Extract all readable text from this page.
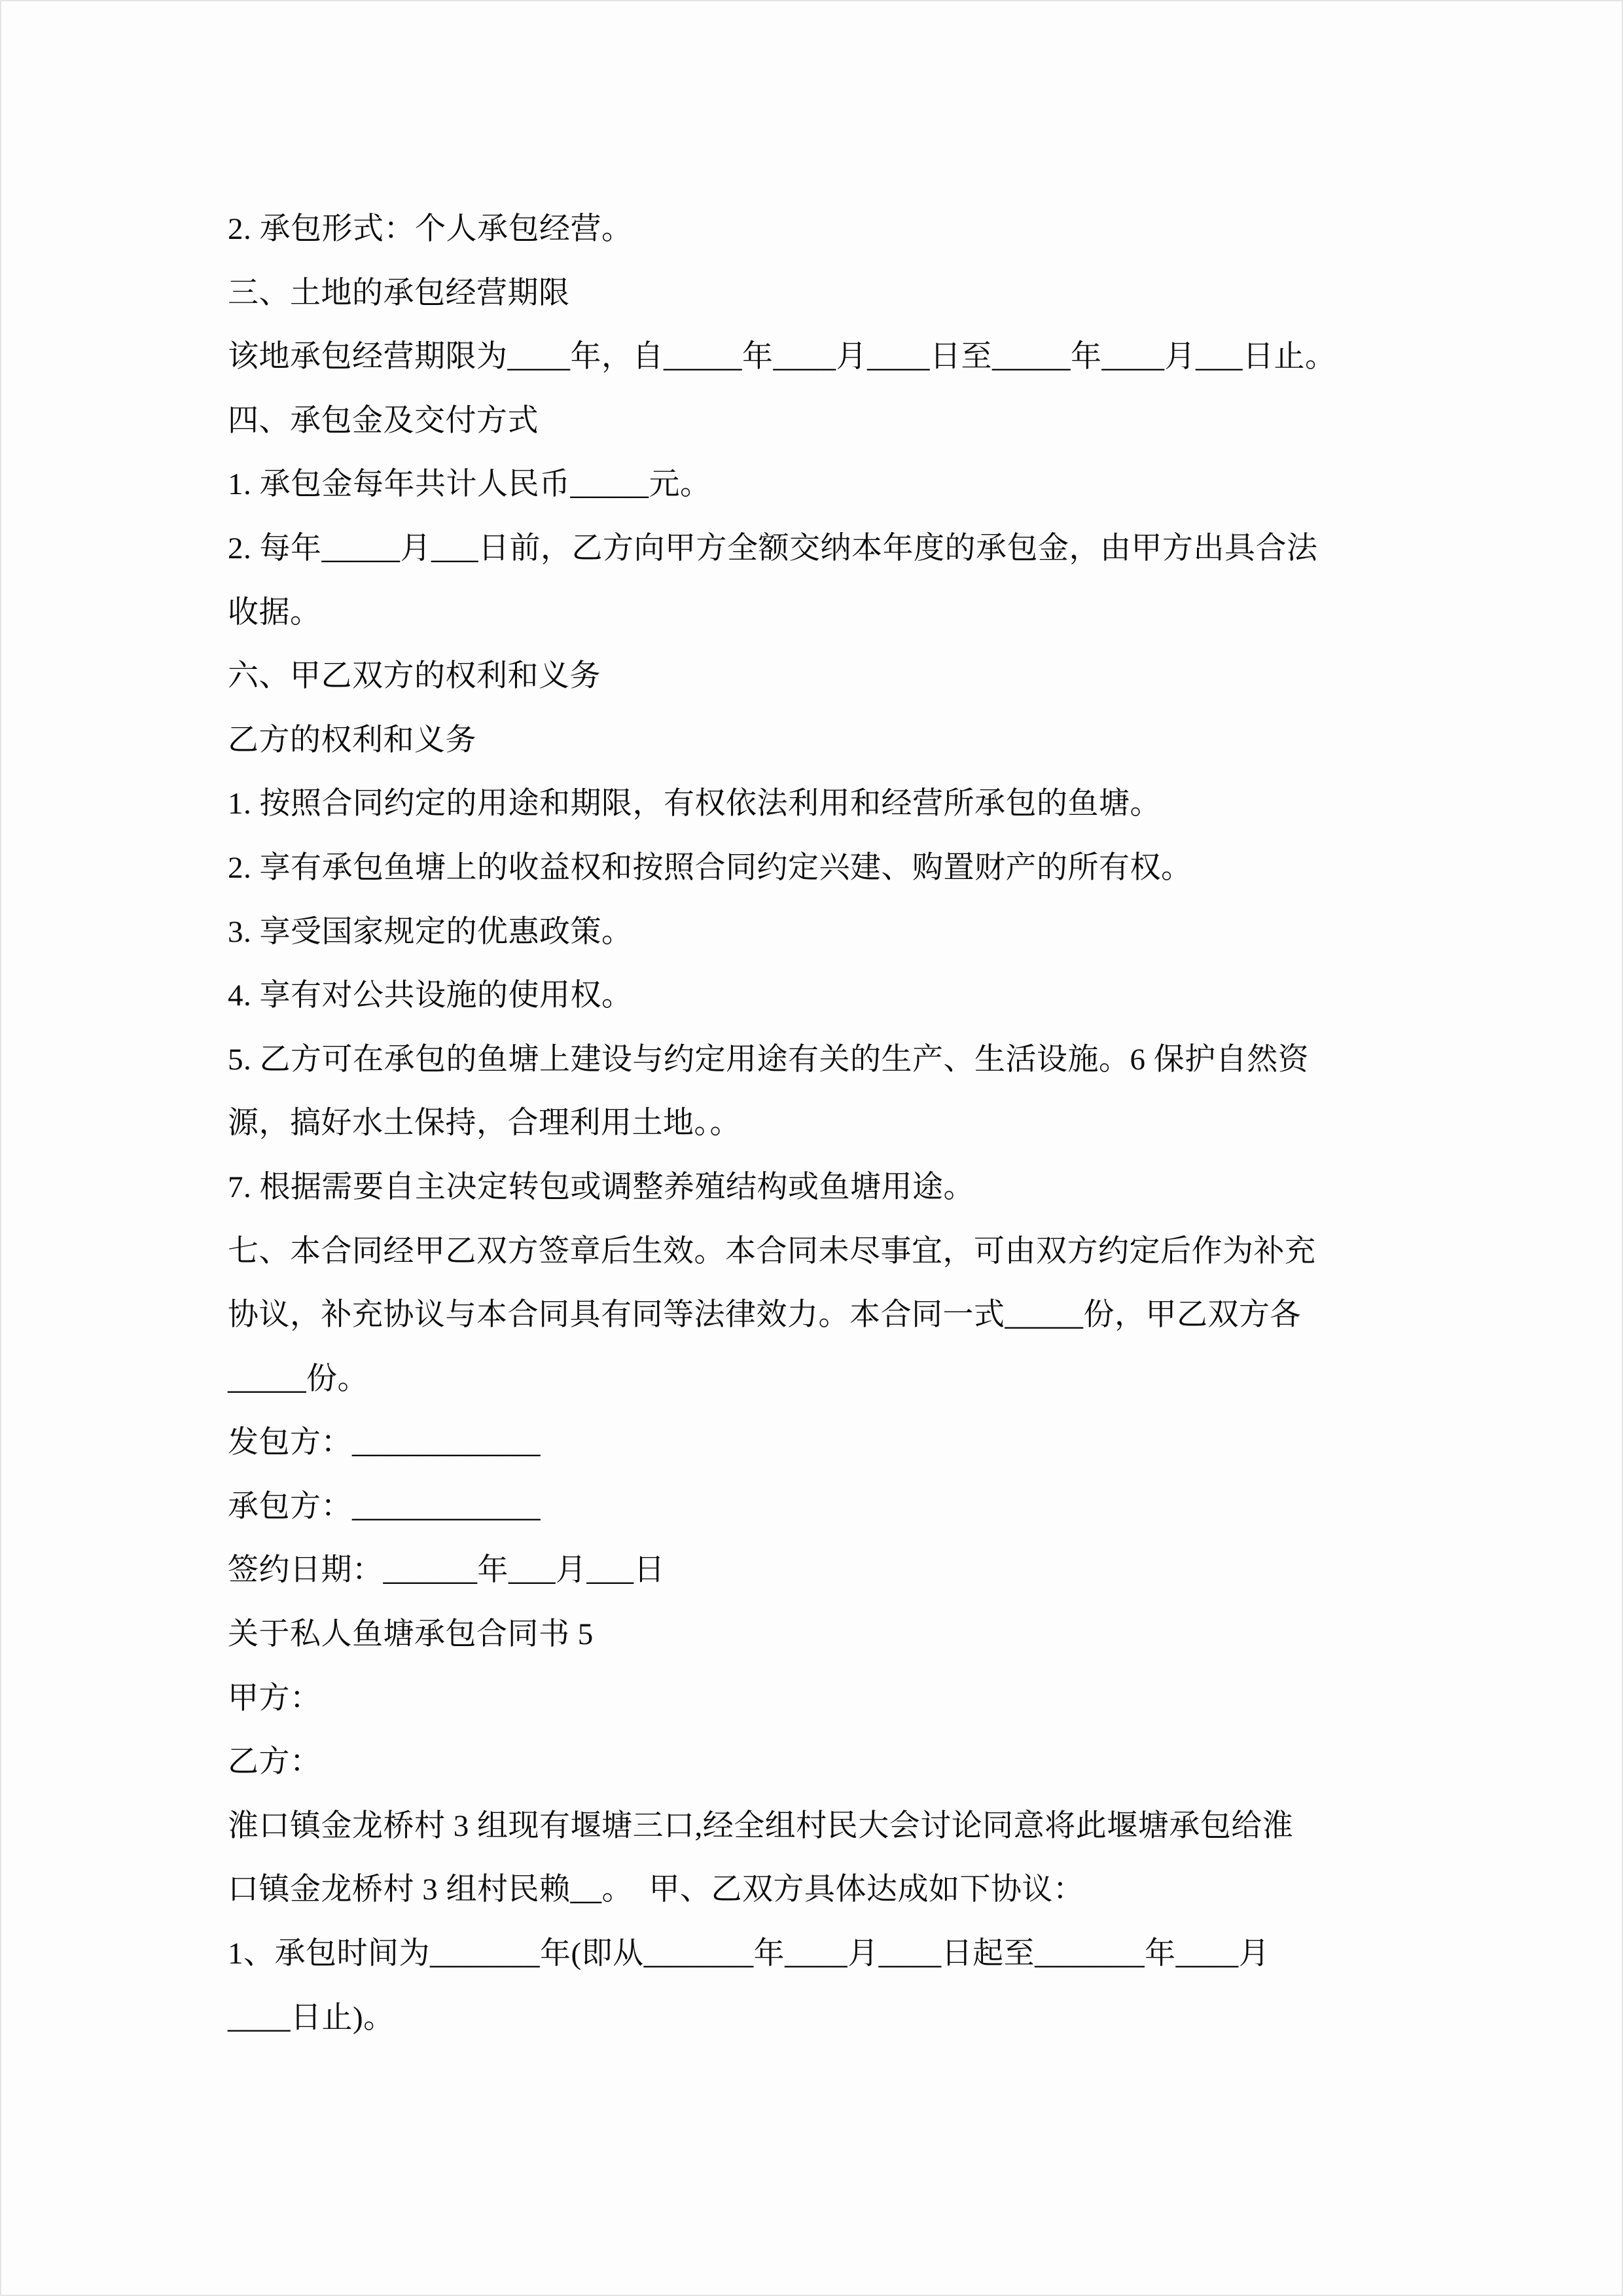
2. 承包形式：个人承包经营。

三、土地的承包经营期限

该地承包经营期限为____年，自_____年____月____日至_____年____月___日止。

四、承包金及交付方式

1. 承包金每年共计人民币_____元。

2. 每年_____月___日前，乙方向甲方全额交纳本年度的承包金，由甲方出具合法

收据。

六、甲乙双方的权利和义务

乙方的权利和义务

1. 按照合同约定的用途和期限，有权依法利用和经营所承包的鱼塘。

2. 享有承包鱼塘上的收益权和按照合同约定兴建、购置财产的所有权。

3. 享受国家规定的优惠政策。

4. 享有对公共设施的使用权。

5. 乙方可在承包的鱼塘上建设与约定用途有关的生产、生活设施。6 保护自然资

源，搞好水土保持，合理利用土地。。

7. 根据需要自主决定转包或调整养殖结构或鱼塘用途。

七、本合同经甲乙双方签章后生效。本合同未尽事宜，可由双方约定后作为补充

协议，补充协议与本合同具有同等法律效力。本合同一式_____份，甲乙双方各

_____份。

发包方：____________

承包方：____________

签约日期：______年___月___日

关于私人鱼塘承包合同书 5

甲方：

乙方：

淮口镇金龙桥村 3 组现有堰塘三口,经全组村民大会讨论同意将此堰塘承包给淮

口镇金龙桥村 3 组村民赖__。  甲、乙双方具体达成如下协议：

1、承包时间为_______年(即从_______年____月____日起至_______年____月

____日止)。
